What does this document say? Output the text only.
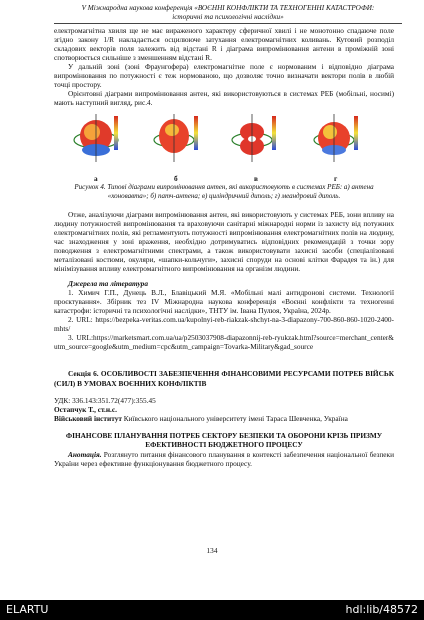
V Міжнародна наукова конференція «ВОЄННІ КОНФЛІКТИ ТА ТЕХНОГЕННІ КАТАСТРОФИ:
історичні та психологічні наслідки»

електромагнітна хвиля ще не має вираженого характеру сферичної хвилі і не монотонно спадаюче поле згідно закону 1/R накладається осцилююче затухання електромагнітних коливань. Кутовий розподіл складових векторів поля залежить від відстані R і діаграма випромінювання антени в проміжній зоні спотворюється сильніше з зменшенням відстані R.

У дальній зоні (зоні Фраунгофера) електромагнітне поле є нормованим і відповідно діаграма випромінювання по потужності є теж нормованою, що дозволяє точно визначати вектори полів в любій точці простору.

Орієнтовні діаграми випромінювання антен, які використовуються в системах РЕБ (мобільні, носимі) мають наступний вигляд, рис.4.

а	б	в	г

Рисунок 4. Типові діаграми випромінювання антен, які використовують в системах РЕБ: а) антена «хоновавта»; б) патч-антена; в) циліндричний диполь; г) меандровий диполь.

Отже, аналізуючи діаграми випромінювання антен, які використовують у системах РЕБ, зони впливу на людину потужностей випромінювання та враховуючи санітарні міжнародні норми із захисту від потужних електромагнітних полів, які регламентують потужності випромінювання електромагнітних полів на людину, час знаходження у зоні враження, необхідно дотримуватись відповідних рекомендацій з точки зору поводження з електромагнітними спектрами, а також використовувати захисні засоби (спеціалізовані металізовані костюми, окуляри, «шапки-кольчуги», захисні споруди на основі клітки Фарадея та ін.) для мінімізування впливу електромагнітного випромінювання на організм людини.

Джерела та література

1. Химич Г.П., Дунець В.Л., Блавіцький М.Я. «Мобільні малі антидронові системи. Технології проєктування». Збірник тез IV Міжнародна наукова конференція «Воєнні конфлікти та техногенні катастрофи: історичні та психологічні наслідки», ТНТУ ім. Івана Пулюя, Україна, 2024р.

2. URL: https://bezpeka-veritas.com.ua/kupolnyi-reb-riakzak-shchyt-na-3-diapazony-700-860-860-1020-2400-mhts/

3. URL:https://marketsmart.com.ua/ua/p2503037908-diapazonnij-reb-ryukzak.html?source=merchant_center&utm_source=google&utm_medium=cpc&utm_campaign=Tovarka-Military&gad_source

Секція 6. ОСОБЛИВОСТІ ЗАБЕЗПЕЧЕННЯ ФІНАНСОВИМИ РЕСУРСАМИ ПОТРЕБ ВІЙСЬК (СИЛ) В УМОВАХ ВОЄННИХ КОНФЛІКТІВ

УДК: 336.143:351.72(477):355.45

Остапчук Т., ст.н.с.

Військовий інститут Київського національного університету імені Тараса Шевченка, Україна

ФІНАНСОВЕ ПЛАНУВАННЯ ПОТРЕБ СЕКТОРУ БЕЗПЕКИ ТА ОБОРОНИ КРІЗЬ ПРИЗМУ ЕФЕКТИВНОСТІ БЮДЖЕТНОГО ПРОЦЕСУ

Анотація. Розглянуто питання фінансового планування в контексті забезпечення національної безпеки України через ефективне функціонування бюджетного процесу.

134
ELARTU	hdl:lib/48572
